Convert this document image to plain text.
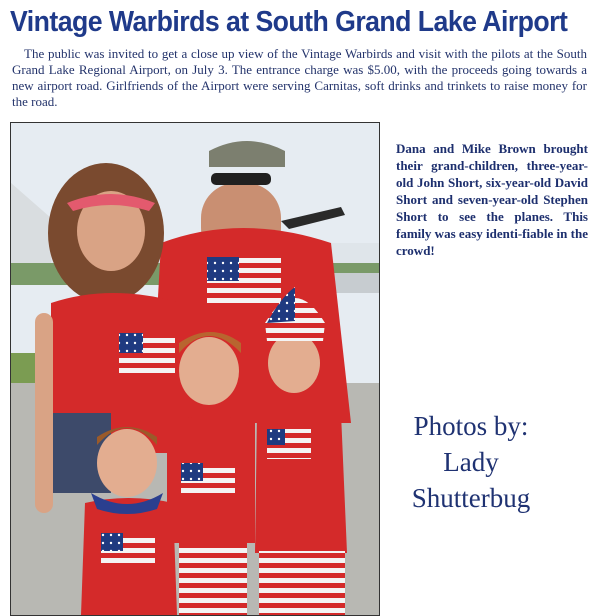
Vintage Warbirds at South Grand Lake Airport
The public was invited to get a close up view of the Vintage Warbirds and visit with the pilots at the South Grand Lake Regional Airport, on July 3. The entrance charge was $5.00, with the proceeds going towards a new airport road. Girlfriends of the Airport were serving Carnitas, soft drinks and trinkets to raise money for the road.
Dana and Mike Brown brought their grand-children, three-year-old John Short, six-year-old David Short and seven-year-old Stephen Short to see the planes. This family was easy identi-fiable in the crowd!
Photos by:
Lady
Shutterbug
